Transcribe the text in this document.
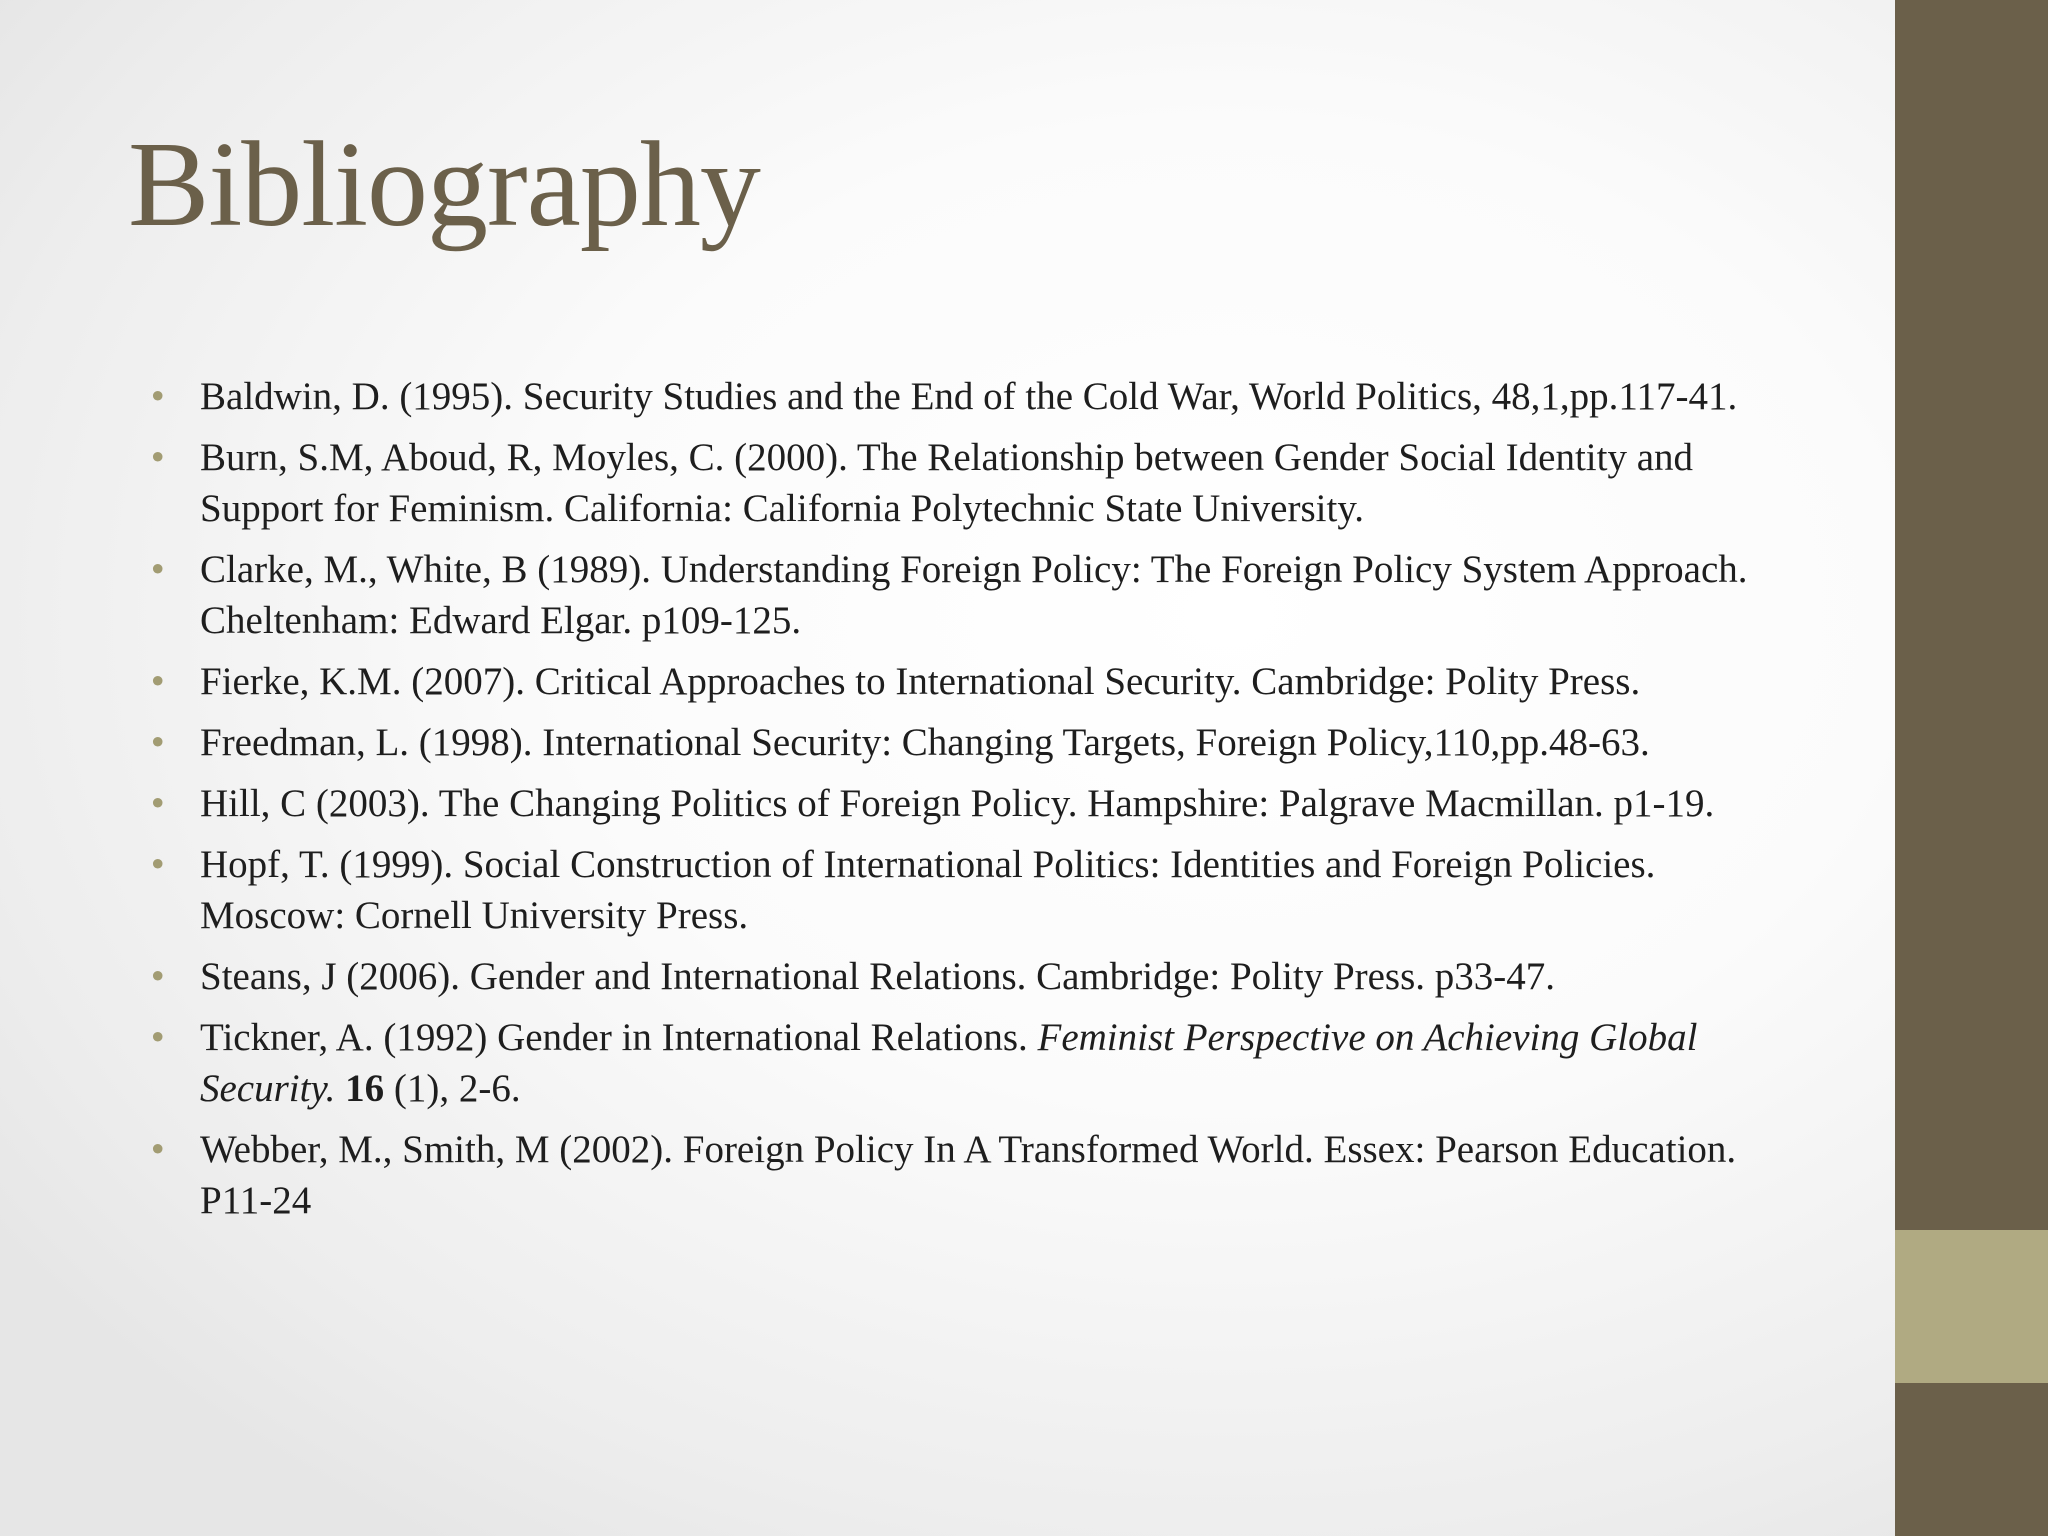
Bibliography
• Baldwin, D. (1995). Security Studies and the End of the Cold War, World Politics, 48,1,pp.117-41.
• Burn, S.M, Aboud, R, Moyles, C. (2000). The Relationship between Gender Social Identity and Support for Feminism. California: California Polytechnic State University.
• Clarke, M., White, B (1989). Understanding Foreign Policy: The Foreign Policy System Approach. Cheltenham: Edward Elgar. p109-125.
• Fierke, K.M. (2007). Critical Approaches to International Security. Cambridge: Polity Press.
• Freedman, L. (1998). International Security: Changing Targets, Foreign Policy,110,pp.48-63.
• Hill, C (2003). The Changing Politics of Foreign Policy. Hampshire: Palgrave Macmillan. p1-19.
• Hopf, T. (1999). Social Construction of International Politics: Identities and Foreign Policies. Moscow: Cornell University Press.
• Steans, J (2006). Gender and International Relations. Cambridge: Polity Press. p33-47.
• Tickner, A. (1992) Gender in International Relations. Feminist Perspective on Achieving Global Security. 16 (1), 2-6.
• Webber, M., Smith, M (2002). Foreign Policy In A Transformed World. Essex: Pearson Education. P11-24
